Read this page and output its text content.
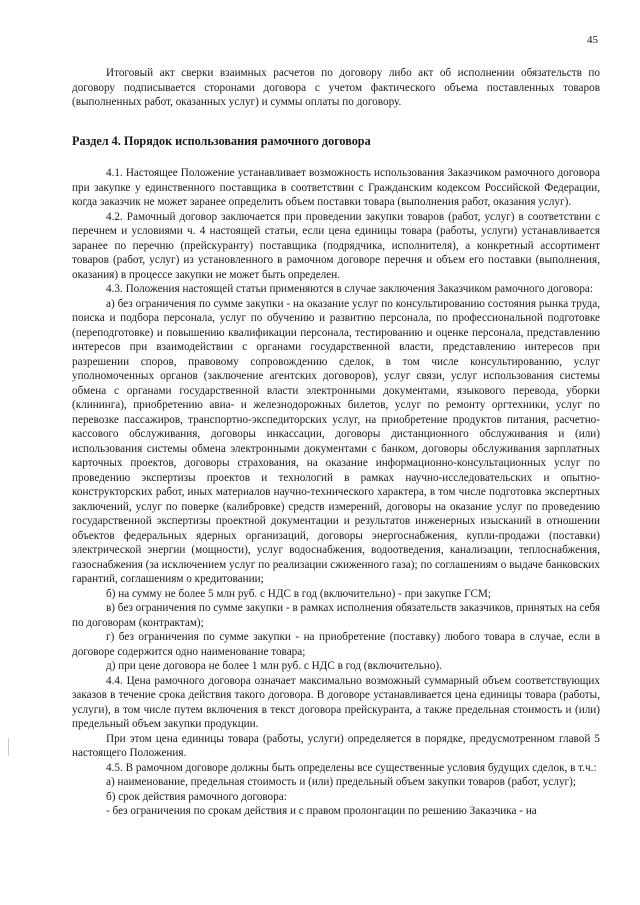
45

Итоговый акт сверки взаимных расчетов по договору либо акт об исполнении обязательств по договору подписывается сторонами договора с учетом фактического объема поставленных товаров (выполненных работ, оказанных услуг) и суммы оплаты по договору.

Раздел 4. Порядок использования рамочного договора

4.1. Настоящее Положение устанавливает возможность использования Заказчиком рамочного договора при закупке у единственного поставщика в соответствии с Гражданским кодексом Российской Федерации, когда заказчик не может заранее определить объем поставки товара (выполнения работ, оказания услуг).

4.2. Рамочный договор заключается при проведении закупки товаров (работ, услуг) в соответствии с перечнем и условиями ч. 4 настоящей статьи, если цена единицы товара (работы, услуги) устанавливается заранее по перечню (прейскуранту) поставщика (подрядчика, исполнителя), а конкретный ассортимент товаров (работ, услуг) из установленного в рамочном договоре перечня и объем его поставки (выполнения, оказания) в процессе закупки не может быть определен.

4.3. Положения настоящей статьи применяются в случае заключения Заказчиком рамочного договора:

а) без ограничения по сумме закупки - на оказание услуг по консультированию состояния рынка труда, поиска и подбора персонала, услуг по обучению и развитию персонала, по профессиональной подготовке (переподготовке) и повышению квалификации персонала, тестированию и оценке персонала, представлению интересов при взаимодействии с органами государственной власти, представлению интересов при разрешении споров, правовому сопровождению сделок, в том числе консультированию, услуг уполномоченных органов (заключение агентских договоров), услуг связи, услуг использования системы обмена с органами государственной власти электронными документами, языкового перевода, уборки (клининга), приобретению авиа- и железнодорожных билетов, услуг по ремонту оргтехники, услуг по перевозке пассажиров, транспортно-экспедиторских услуг, на приобретение продуктов питания, расчетно-кассового обслуживания, договоры инкассации, договоры дистанционного обслуживания и (или) использования системы обмена электронными документами с банком, договоры обслуживания зарплатных карточных проектов, договоры страхования, на оказание информационно-консультационных услуг по проведению экспертизы проектов и технологий в рамках научно-исследовательских и опытно-конструкторских работ, иных материалов научно-технического характера, в том числе подготовка экспертных заключений, услуг по поверке (калибровке) средств измерений, договоры на оказание услуг по проведению государственной экспертизы проектной документации и результатов инженерных изысканий в отношении объектов федеральных ядерных организаций, договоры энергоснабжения, купли-продажи (поставки) электрической энергии (мощности), услуг водоснабжения, водоотведения, канализации, теплоснабжения, газоснабжения (за исключением услуг по реализации сжиженного газа); по соглашениям о выдаче банковских гарантий, соглашениям о кредитовании;

б) на сумму не более 5 млн руб. с НДС в год (включительно) - при закупке ГСМ;

в) без ограничения по сумме закупки - в рамках исполнения обязательств заказчиков, принятых на себя по договорам (контрактам);

г) без ограничения по сумме закупки - на приобретение (поставку) любого товара в случае, если в договоре содержится одно наименование товара;

д) при цене договора не более 1 млн руб. с НДС в год (включительно).

4.4. Цена рамочного договора означает максимально возможный суммарный объем соответствующих заказов в течение срока действия такого договора. В договоре устанавливается цена единицы товара (работы, услуги), в том числе путем включения в текст договора прейскуранта, а также предельная стоимость и (или) предельный объем закупки продукции.

При этом цена единицы товара (работы, услуги) определяется в порядке, предусмотренном главой 5 настоящего Положения.

4.5. В рамочном договоре должны быть определены все существенные условия будущих сделок, в т.ч.:

а) наименование, предельная стоимость и (или) предельный объем закупки товаров (работ, услуг);

б) срок действия рамочного договора:

- без ограничения по срокам действия и с правом пролонгации по решению Заказчика - на
